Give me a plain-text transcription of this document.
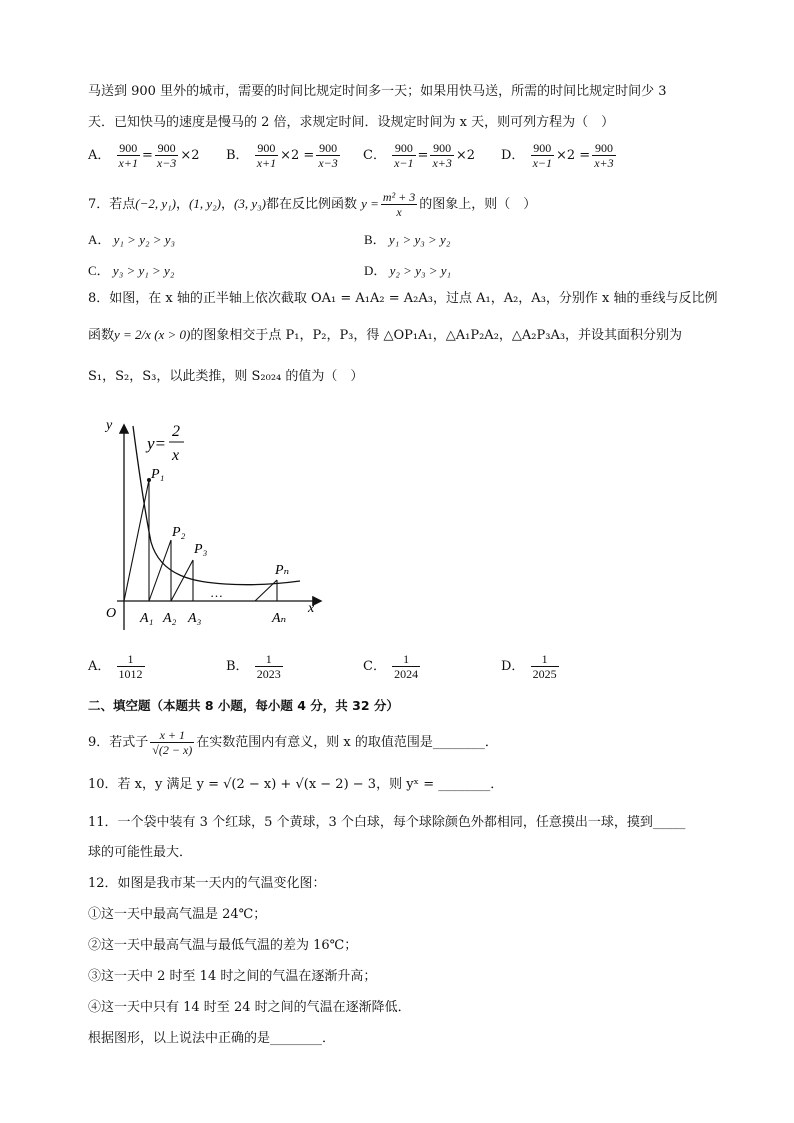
马送到 900 里外的城市，需要的时间比规定时间多一天；如果用快马送，所需的时间比规定时间少 3
天．已知快马的速度是慢马的 2 倍，求规定时间．设规定时间为 x 天，则可列方程为（　）
A． $\frac{900}{x+1} = \frac{900}{x-3} \times 2$ B． $\frac{900}{x+1} \times 2 = \frac{900}{x-3}$ C． $\frac{900}{x-1} = \frac{900}{x+3} \times 2$ D． $\frac{900}{x-1} \times 2 = \frac{900}{x+3}$
7．若点(−2, y₁)，(1, y₂)，(3, y₃)都在反比例函数 $y = \frac{\text{m² + 3}}{x}$ 的图象上，则（　）
A． y₁ > y₂ > y₃	B． y₁ > y₃ > y₂
C． y₃ > y₁ > y₂	D． y₂ > y₃ > y₁
8．如图，在 x 轴的正半轴上依次截取 OA₁ = A₁A₂ = A₂A₃，过点 A₁，A₂，A₃，分别作 x 轴的垂线与反比例
函数y = 2/x (x > 0)的图象相交于点 P₁，P₂，P₃，得 △OP₁A₁，△A₁P₂A₂，△A₂P₃A₃，并设其面积分别为
S₁，S₂，S₃，以此类推，则 S₂₀₂₄ 的值为（　）
y
x
O
y=
2
x
P₁
P₂
P₃
Pₙ
A₁ A₂ A₃	Aₙ
…
A． $\frac{1}{1012}$	B． $\frac{1}{2023}$	C． $\frac{1}{2024}$	D． $\frac{1}{2025}$
二、填空题（本题共 8 小题，每小题 4 分，共 32 分）
9．若式子 $\frac{x + 1}{√(2 - x)}$ 在实数范围内有意义，则 x 的取值范围是________．
10．若 x，y 满足 y = √(2 − x) + √(x − 2) − 3，则 yˣ = ________．
11．一个袋中装有 3 个红球，5 个黄球，3 个白球，每个球除颜色外都相同，任意摸出一球，摸到_____
球的可能性最大．
12．如图是我市某一天内的气温变化图：
①这一天中最高气温是 24℃；
②这一天中最高气温与最低气温的差为 16℃；
③这一天中 2 时至 14 时之间的气温在逐渐升高；
④这一天中只有 14 时至 24 时之间的气温在逐渐降低．
根据图形，以上说法中正确的是________．
